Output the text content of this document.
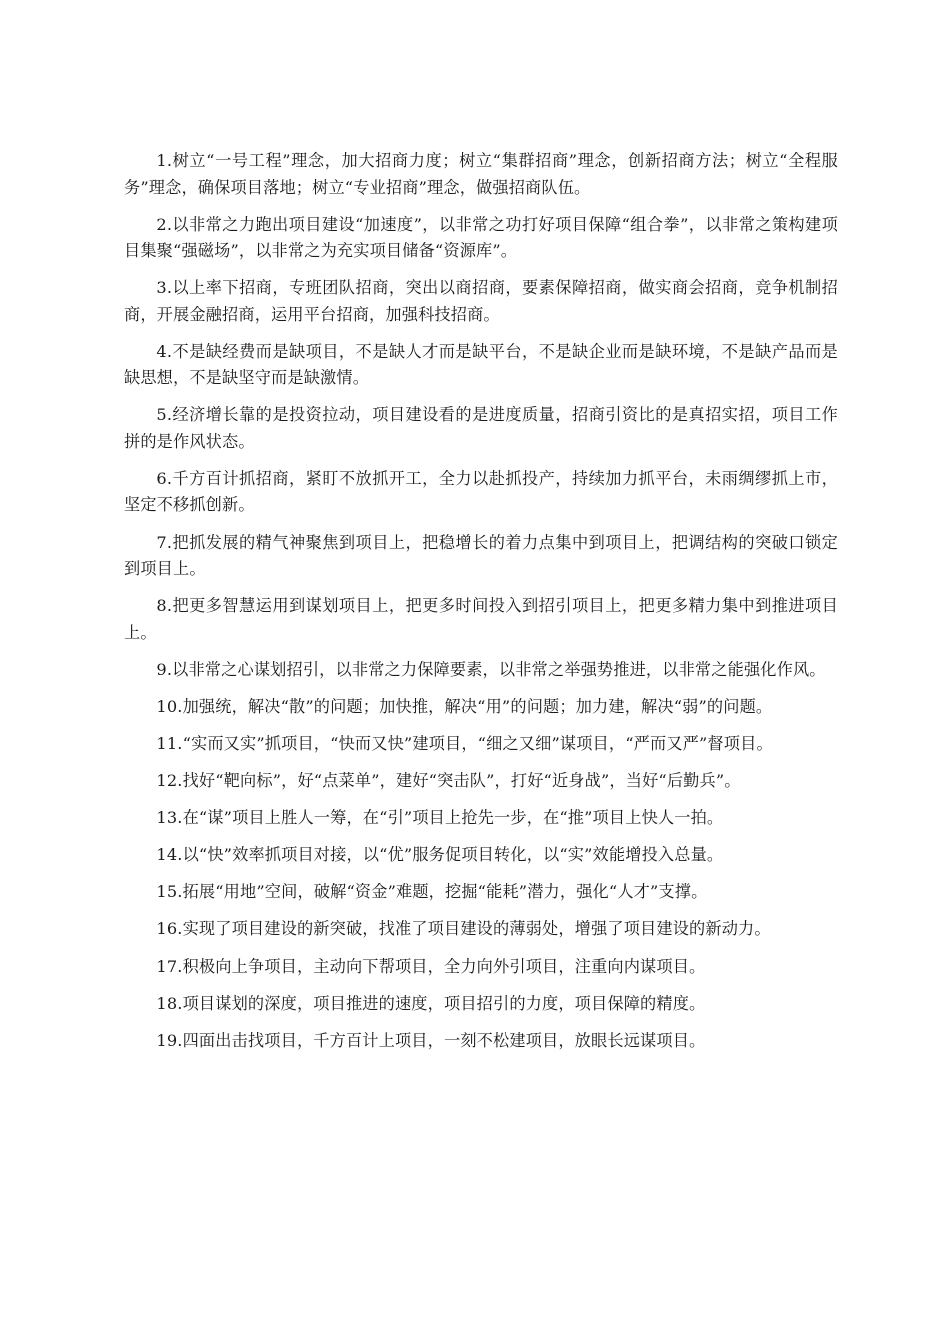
1.树立“一号工程”理念，加大招商力度；树立“集群招商”理念，创新招商方法；树立“全程服务”理念，确保项目落地；树立“专业招商”理念，做强招商队伍。

2.以非常之力跑出项目建设“加速度”，以非常之功打好项目保障“组合拳”，以非常之策构建项目集聚“强磁场”，以非常之为充实项目储备“资源库”。

3.以上率下招商，专班团队招商，突出以商招商，要素保障招商，做实商会招商，竞争机制招商，开展金融招商，运用平台招商，加强科技招商。

4.不是缺经费而是缺项目，不是缺人才而是缺平台，不是缺企业而是缺环境，不是缺产品而是缺思想，不是缺坚守而是缺激情。

5.经济增长靠的是投资拉动，项目建设看的是进度质量，招商引资比的是真招实招，项目工作拼的是作风状态。

6.千方百计抓招商，紧盯不放抓开工，全力以赴抓投产，持续加力抓平台，未雨绸缪抓上市，坚定不移抓创新。

7.把抓发展的精气神聚焦到项目上，把稳增长的着力点集中到项目上，把调结构的突破口锁定到项目上。

8.把更多智慧运用到谋划项目上，把更多时间投入到招引项目上，把更多精力集中到推进项目上。

9.以非常之心谋划招引，以非常之力保障要素，以非常之举强势推进，以非常之能强化作风。

10.加强统，解决“散”的问题；加快推，解决“用”的问题；加力建，解决“弱”的问题。

11.“实而又实”抓项目，“快而又快”建项目，“细之又细”谋项目，“严而又严”督项目。

12.找好“靶向标”，好“点菜单”，建好“突击队”，打好“近身战”，当好“后勤兵”。

13.在“谋”项目上胜人一筹，在“引”项目上抢先一步，在“推”项目上快人一拍。

14.以“快”效率抓项目对接，以“优”服务促项目转化，以“实”效能增投入总量。

15.拓展“用地”空间，破解“资金”难题，挖掘“能耗”潜力，强化“人才”支撑。

16.实现了项目建设的新突破，找准了项目建设的薄弱处，增强了项目建设的新动力。

17.积极向上争项目，主动向下帮项目，全力向外引项目，注重向内谋项目。

18.项目谋划的深度，项目推进的速度，项目招引的力度，项目保障的精度。

19.四面出击找项目，千方百计上项目，一刻不松建项目，放眼长远谋项目。
